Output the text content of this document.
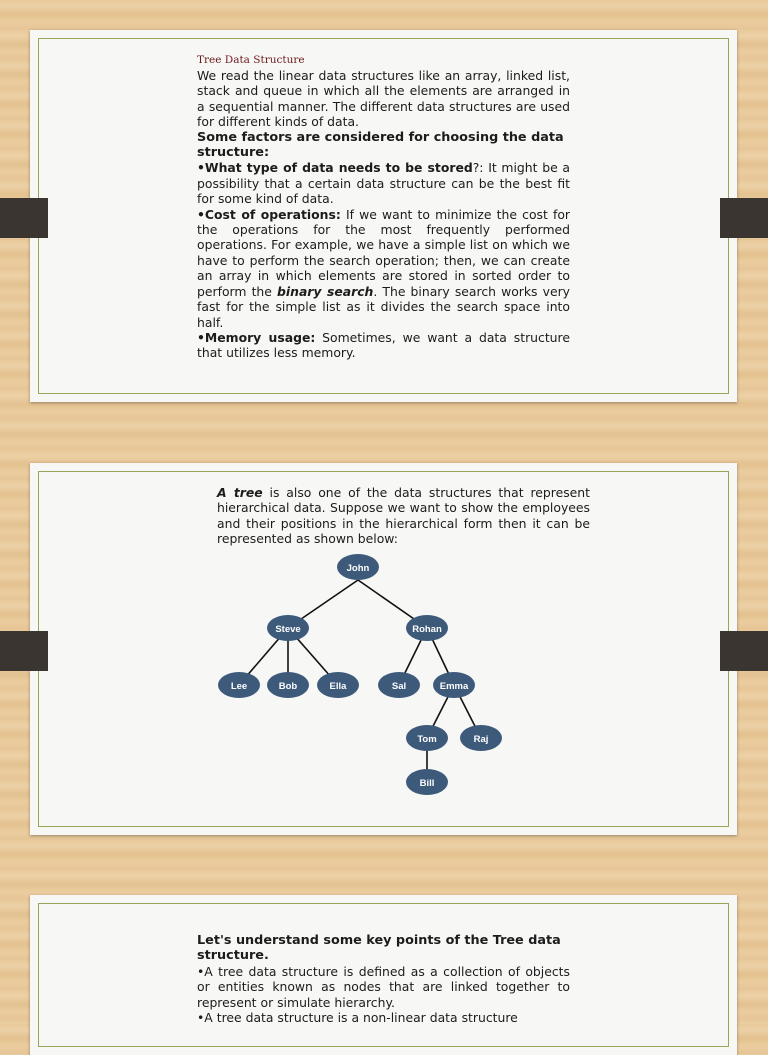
Tree Data Structure

We read the linear data structures like an array, linked list, stack and queue in which all the elements are arranged in a sequential manner. The different data structures are used for different kinds of data.

Some factors are considered for choosing the data structure:

•What type of data needs to be stored?: It might be a possibility that a certain data structure can be the best fit for some kind of data.

•Cost of operations: If we want to minimize the cost for the operations for the most frequently performed operations. For example, we have a simple list on which we have to perform the search operation; then, we can create an array in which elements are stored in sorted order to perform the binary search. The binary search works very fast for the simple list as it divides the search space into half.

•Memory usage: Sometimes, we want a data structure that utilizes less memory.

A tree is also one of the data structures that represent hierarchical data. Suppose we want to show the employees and their positions in the hierarchical form then it can be represented as shown below:

John
Steve	Rohan
Lee	Bob	Ella	Sal	Emma
Tom	Raj
Bill

Let's understand some key points of the Tree data structure.

•A tree data structure is defined as a collection of objects or entities known as nodes that are linked together to represent or simulate hierarchy.

•A tree data structure is a non-linear data structure
